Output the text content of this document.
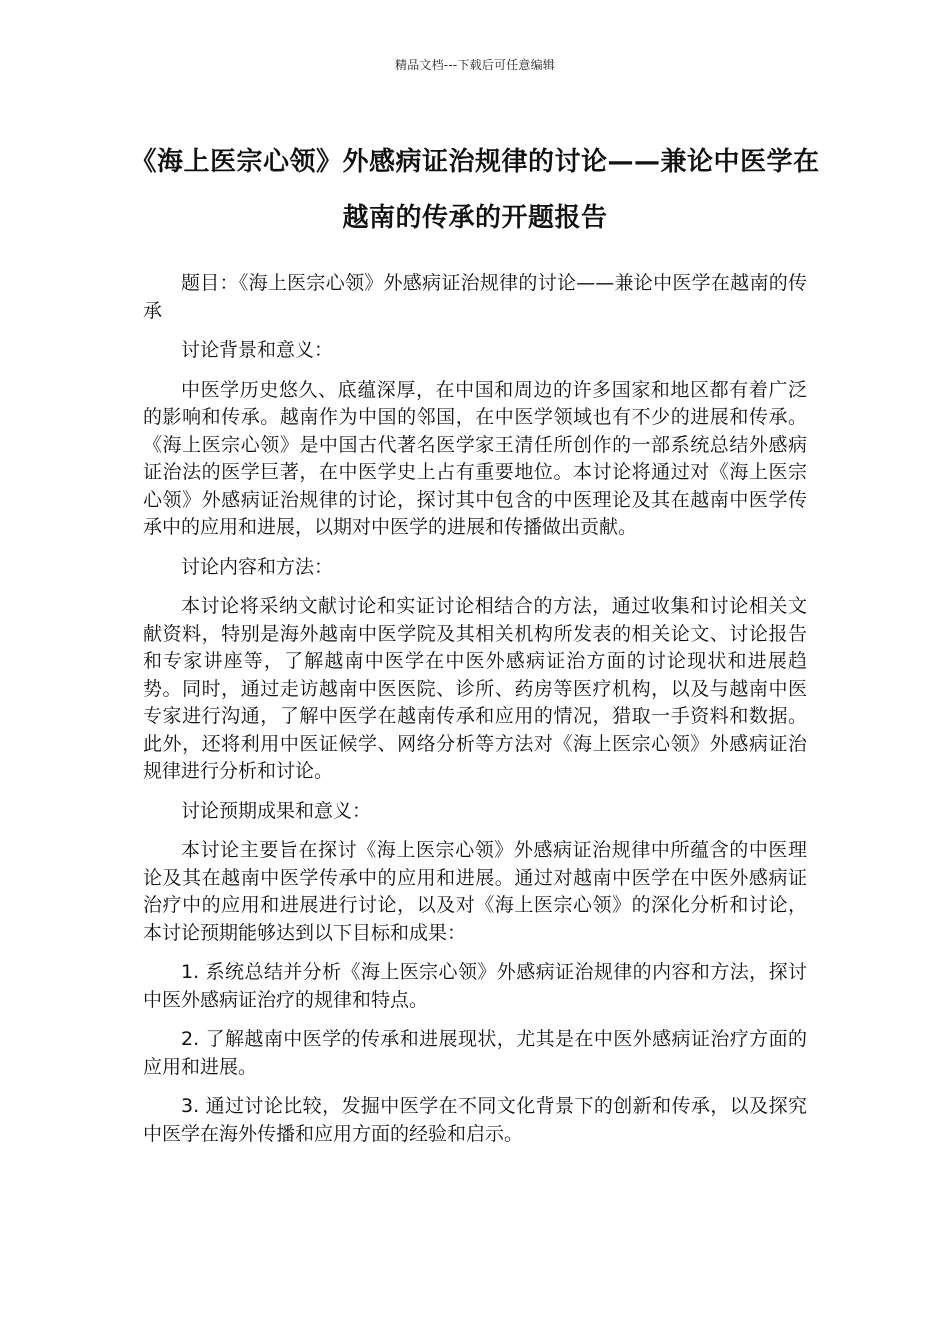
精品文档---下载后可任意编辑
《海上医宗心领》外感病证治规律的讨论——兼论中医学在越南的传承的开题报告

题目：《海上医宗心领》外感病证治规律的讨论——兼论中医学在越南的传承

讨论背景和意义：

中医学历史悠久、底蕴深厚，在中国和周边的许多国家和地区都有着广泛的影响和传承。越南作为中国的邻国，在中医学领域也有不少的进展和传承。《海上医宗心领》是中国古代著名医学家王清任所创作的一部系统总结外感病证治法的医学巨著，在中医学史上占有重要地位。本讨论将通过对《海上医宗心领》外感病证治规律的讨论，探讨其中包含的中医理论及其在越南中医学传承中的应用和进展，以期对中医学的进展和传播做出贡献。

讨论内容和方法：

本讨论将采纳文献讨论和实证讨论相结合的方法，通过收集和讨论相关文献资料，特别是海外越南中医学院及其相关机构所发表的相关论文、讨论报告和专家讲座等，了解越南中医学在中医外感病证治方面的讨论现状和进展趋势。同时，通过走访越南中医医院、诊所、药房等医疗机构，以及与越南中医专家进行沟通，了解中医学在越南传承和应用的情况，猎取一手资料和数据。此外，还将利用中医证候学、网络分析等方法对《海上医宗心领》外感病证治规律进行分析和讨论。

讨论预期成果和意义：

本讨论主要旨在探讨《海上医宗心领》外感病证治规律中所蕴含的中医理论及其在越南中医学传承中的应用和进展。通过对越南中医学在中医外感病证治疗中的应用和进展进行讨论，以及对《海上医宗心领》的深化分析和讨论，本讨论预期能够达到以下目标和成果：

1. 系统总结并分析《海上医宗心领》外感病证治规律的内容和方法，探讨中医外感病证治疗的规律和特点。

2. 了解越南中医学的传承和进展现状，尤其是在中医外感病证治疗方面的应用和进展。

3. 通过讨论比较，发掘中医学在不同文化背景下的创新和传承，以及探究中医学在海外传播和应用方面的经验和启示。
